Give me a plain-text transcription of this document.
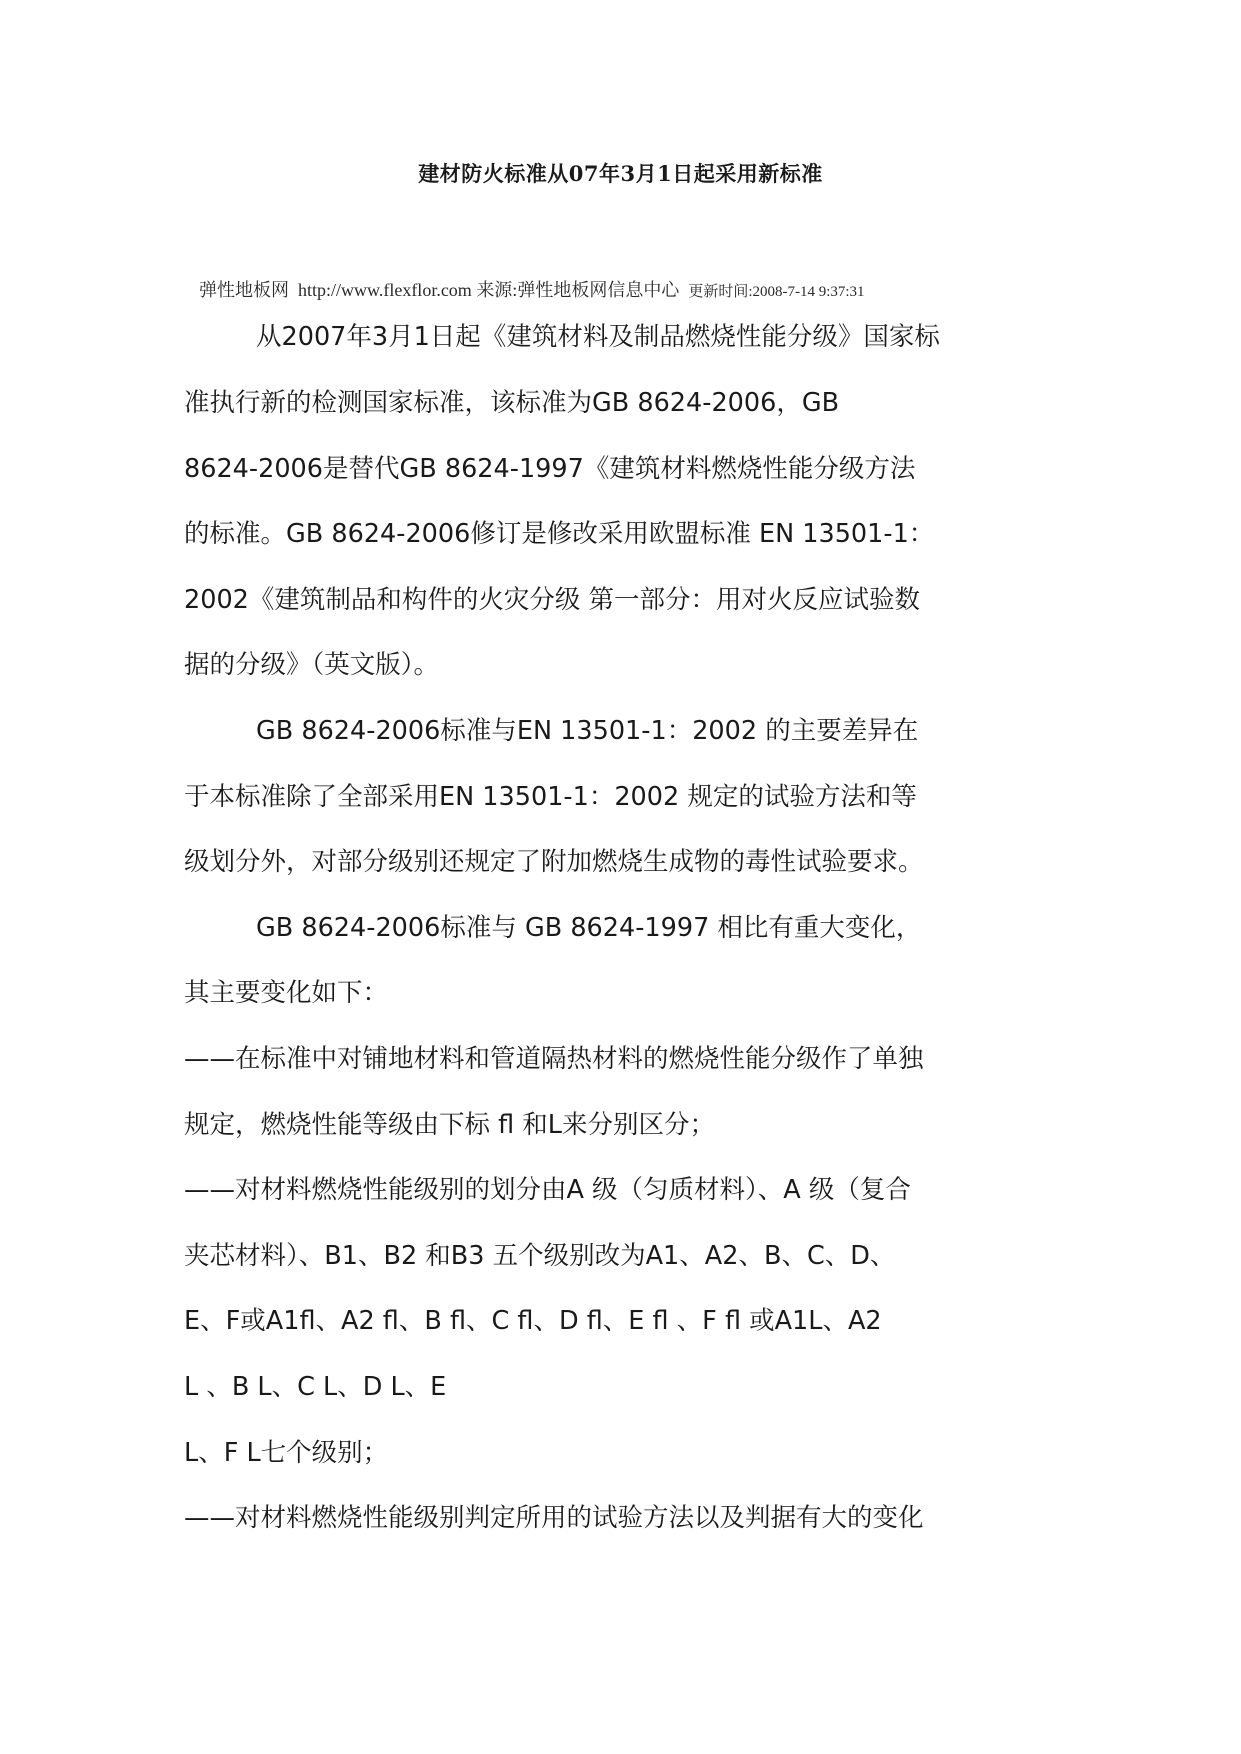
建材防火标准从07年3月1日起采用新标准
弹性地板网 http://www.flexflor.com 来源:弹性地板网信息中心 更新时间:2008-7-14 9:37:31
从2007年3月1日起《建筑材料及制品燃烧性能分级》国家标
准执行新的检测国家标准，该标准为GB 8624-2006，GB
8624-2006是替代GB 8624-1997《建筑材料燃烧性能分级方法
的标准。GB 8624-2006修订是修改采用欧盟标准 EN 13501-1：
2002《建筑制品和构件的火灾分级 第一部分：用对火反应试验数
据的分级》（英文版）。
GB 8624-2006标准与EN 13501-1：2002 的主要差异在
于本标准除了全部采用EN 13501-1：2002 规定的试验方法和等
级划分外，对部分级别还规定了附加燃烧生成物的毒性试验要求。
GB 8624-2006标准与 GB 8624-1997 相比有重大变化，
其主要变化如下：
——在标准中对铺地材料和管道隔热材料的燃烧性能分级作了单独
规定，燃烧性能等级由下标 fl 和L来分别区分；
——对材料燃烧性能级别的划分由A 级（匀质材料）、A 级（复合
夹芯材料）、B1、B2 和B3 五个级别改为A1、A2、B、C、D、
E、F或A1fl、A2 fl、B fl、C fl、D fl、E fl 、F fl 或A1L、A2
L 、B L、C L、D L、E
L、F L七个级别；
——对材料燃烧性能级别判定所用的试验方法以及判据有大的变化
